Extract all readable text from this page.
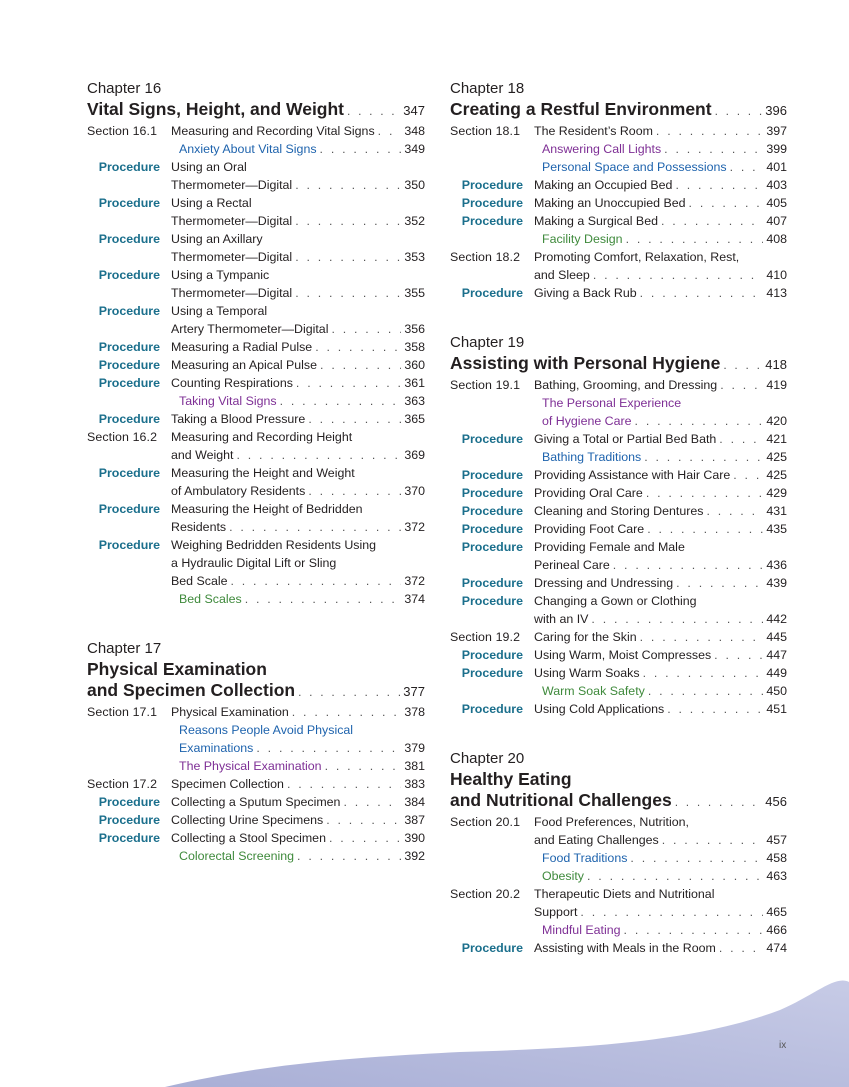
Chapter 16
Vital Signs, Height, and Weight . . .	347
Section 16.1 Measuring and Recording Vital Signs . . . 348
Anxiety About Vital Signs . . .	349
Procedure Using an Oral
Thermometer—Digital . . .	350
Procedure Using a Rectal
Thermometer—Digital . . .	352
Procedure Using an Axillary
Thermometer—Digital . . .	353
Procedure Using a Tympanic
Thermometer—Digital . . .	355
Procedure Using a Temporal
Artery Thermometer—Digital . . .	356
Procedure Measuring a Radial Pulse . . .	358
Procedure Measuring an Apical Pulse . . .	360
Procedure Counting Respirations . . .	361
Taking Vital Signs . . .	363
Procedure Taking a Blood Pressure . . .	365
Section 16.2 Measuring and Recording Height
and Weight . . .	369
Procedure Measuring the Height and Weight
of Ambulatory Residents . . .	370
Procedure Measuring the Height of Bedridden
Residents . . .	372
Procedure Weighing Bedridden Residents Using
a Hydraulic Digital Lift or Sling
Bed Scale . . .	372
Bed Scales . . .	374
Chapter 17
Physical Examination
and Specimen Collection . . .	377
Section 17.1 Physical Examination . . .	378
Reasons People Avoid Physical
Examinations . . .	379
The Physical Examination . . .	381
Section 17.2 Specimen Collection . . .	383
Procedure Collecting a Sputum Specimen . . .	384
Procedure Collecting Urine Specimens . . .	387
Procedure Collecting a Stool Specimen . . .	390
Colorectal Screening . . .	392
Chapter 18
Creating a Restful Environment . . .	396
Section 18.1 The Resident’s Room . . .	397
Answering Call Lights . . .	399
Personal Space and Possessions . . .	401
Procedure Making an Occupied Bed . . .	403
Procedure Making an Unoccupied Bed . . .	405
Procedure Making a Surgical Bed . . .	407
Facility Design . . .	408
Section 18.2 Promoting Comfort, Relaxation, Rest,
and Sleep . . .	410
Procedure Giving a Back Rub . . .	413
Chapter 19
Assisting with Personal Hygiene . . .	418
Section 19.1 Bathing, Grooming, and Dressing . . .	419
The Personal Experience
of Hygiene Care . . .	420
Procedure Giving a Total or Partial Bed Bath . . .	421
Bathing Traditions . . .	425
Procedure Providing Assistance with Hair Care . . .	425
Procedure Providing Oral Care . . .	429
Procedure Cleaning and Storing Dentures . . .	431
Procedure Providing Foot Care . . .	435
Procedure Providing Female and Male
Perineal Care . . .	436
Procedure Dressing and Undressing . . .	439
Procedure Changing a Gown or Clothing
with an IV . . .	442
Section 19.2 Caring for the Skin . . .	445
Procedure Using Warm, Moist Compresses . . .	447
Procedure Using Warm Soaks . . .	449
Warm Soak Safety . . .	450
Procedure Using Cold Applications . . .	451
Chapter 20
Healthy Eating
and Nutritional Challenges . . .	456
Section 20.1 Food Preferences, Nutrition,
and Eating Challenges . . .	457
Food Traditions . . .	458
Obesity . . .	463
Section 20.2 Therapeutic Diets and Nutritional
Support . . .	465
Mindful Eating . . .	466
Procedure Assisting with Meals in the Room . . .	474
ix
